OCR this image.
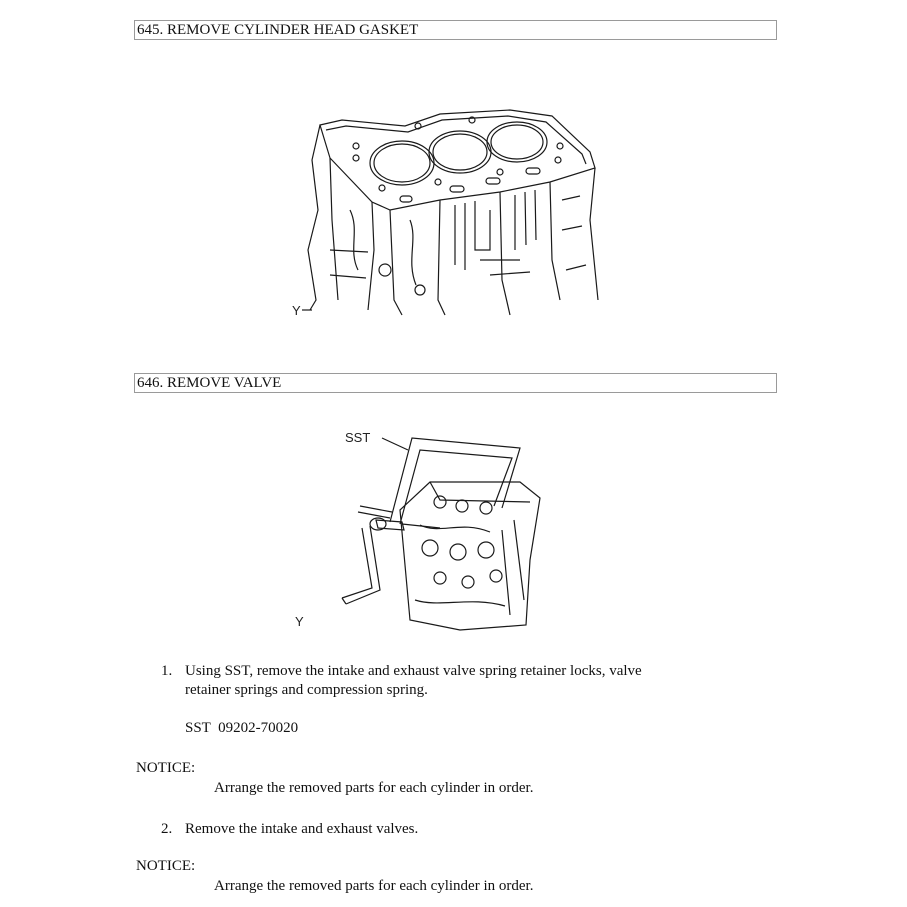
645. REMOVE CYLINDER HEAD GASKET
Y
646. REMOVE VALVE
SST
Y
1. Using SST, remove the intake and exhaust valve spring retainer locks, valve
retainer springs and compression spring.
SST  09202-70020
NOTICE:
Arrange the removed parts for each cylinder in order.
2. Remove the intake and exhaust valves.
NOTICE:
Arrange the removed parts for each cylinder in order.
